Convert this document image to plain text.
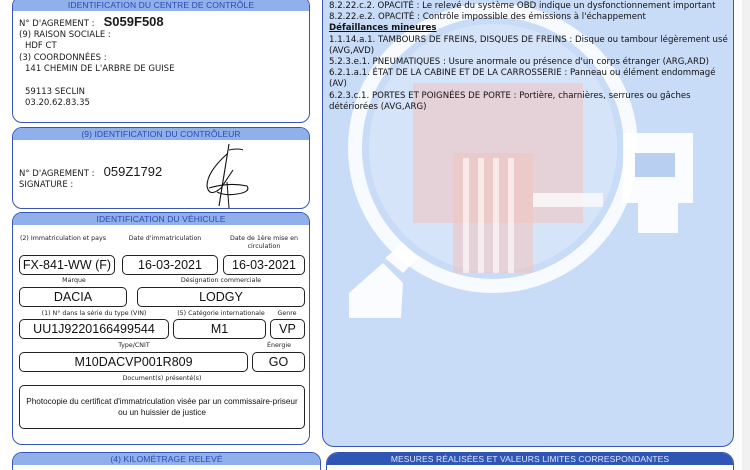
IDENTIFICATION DU CENTRE DE CONTRÔLE
N° D'AGREMENT : S059F508
(9) RAISON SOCIALE :
HDF CT
(3) COORDONNÉES :
141 CHEMIN DE L'ARBRE DE GUISE
59113 SECLIN
03.20.62.83.35
(9) IDENTIFICATION DU CONTRÔLEUR
N° D'AGREMENT : 059Z1792
SIGNATURE :
IDENTIFICATION DU VÉHICULE
(2) Immatriculation et pays	Date d'immatriculation	Date de 1ère mise en circulation
FX-841-WW (F)	16-03-2021	16-03-2021
Marque	Désignation commerciale
DACIA	LODGY
(1) N° dans la série du type (VIN)	(5) Catégorie internationale	Genre
UU1J9220166499544	M1	VP
Type/CNIT	Énergie
M10DACVP001R809	GO
Document(s) présenté(s)
Photocopie du certificat d'immatriculation visée par un commissaire-priseur ou un huissier de justice
(4) KILOMÉTRAGE RELEVÉ
8.2.22.c.2. OPACITÉ : Le relevé du système OBD indique un dysfonctionnement important
8.2.22.e.2. OPACITÉ : Contrôle impossible des émissions à l'échappement
Défaillances mineures
1.1.14.a.1. TAMBOURS DE FREINS, DISQUES DE FREINS : Disque ou tambour légèrement usé (AVG,AVD)
5.2.3.e.1. PNEUMATIQUES : Usure anormale ou présence d'un corps étranger (ARG,ARD)
6.2.1.a.1. ÉTAT DE LA CABINE ET DE LA CARROSSERIE : Panneau ou élément endommagé (AV)
6.2.3.c.1. PORTES ET POIGNÉES DE PORTE : Portière, charnières, serrures ou gâches détériorées (AVG,ARG)
MESURES RÉALISÉES ET VALEURS LIMITES CORRESPONDANTES
